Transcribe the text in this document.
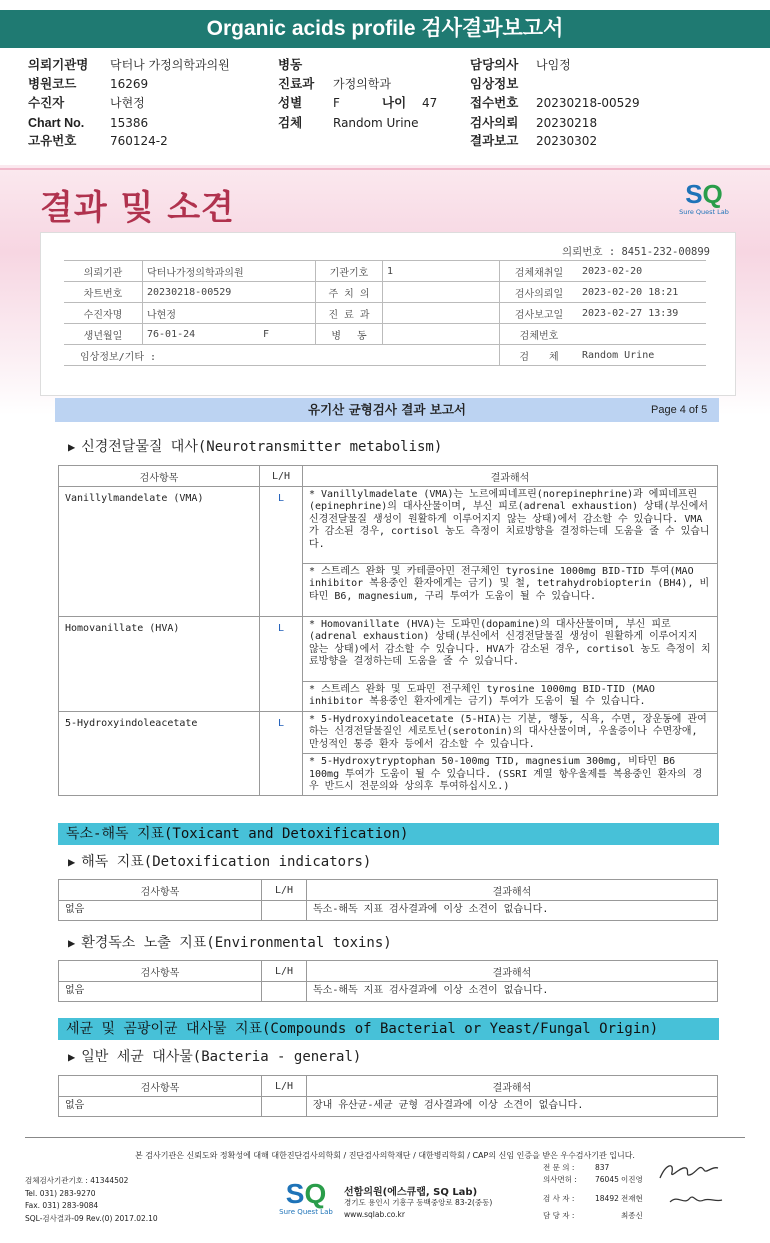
Organic acids profile 검사결과보고서
의뢰기관명 닥터나 가정의학과의원
병원코드	16269
수진자	나현정
Chart No. 15386
고유번호	760124-2
병동
진료과 가정의학과
성별	F	나이 47
검체	Random Urine
담당의사 나임정
임상정보
접수번호 20230218-00529
검사의뢰 20230218
결과보고 20230302
결과 및 소견	SQ
Sure Quest Lab
의뢰번호 : 8451-232-00899
의뢰기관	닥터나가정의학과의원		기관기호	1	검체채취일	2023-02-20
차트번호	20230218-00529		주 치 의		검사의뢰일	2023-02-20 18:21
수진자명	나현정		진 료 과		검사보고일	2023-02-27 13:39
생년월일	76-01-24	F	병　 동		검체번호	
임상정보/기타 :					검　　체	Random Urine
유기산 균형검사 결과 보고서	Page 4 of 5
▶ 신경전달물질 대사(Neurotransmitter metabolism)
검사항목	L/H	결과해석
Vanillylmandelate (VMA)	L	* Vanillylmadelate (VMA)는 노르에피네프린(norepinephrine)과 에피네프린(epinephrine)의 대사산물이며, 부신 피로(adrenal exhaustion) 상태(부신에서 신경전달물질 생성이 원활하게 이루어지지 않는 상태)에서 감소할 수 있습니다. VMA가 감소된 경우, cortisol 농도 측정이 치료방향을 결정하는데 도움을 줄 수 있습니다.
		* 스트레스 완화 및 카테콜아민 전구체인 tyrosine 1000mg BID-TID 투여(MAO inhibitor 복용중인 환자에게는 금기) 및 철, tetrahydrobiopterin (BH4), 비타민 B6, magnesium, 구리 투여가 도움이 될 수 있습니다.
Homovanillate (HVA)	L	* Homovanillate (HVA)는 도파민(dopamine)의 대사산물이며, 부신 피로(adrenal exhaustion) 상태(부신에서 신경전달물질 생성이 원활하게 이루어지지 않는 상태)에서 감소할 수 있습니다. HVA가 감소된 경우, cortisol 농도 측정이 치료방향을 결정하는데 도움을 줄 수 있습니다.
		* 스트레스 완화 및 도파민 전구체인 tyrosine 1000mg BID-TID (MAO inhibitor 복용중인 환자에게는 금기) 투여가 도움이 될 수 있습니다.
5-Hydroxyindoleacetate	L	* 5-Hydroxyindoleacetate (5-HIA)는 기분, 행동, 식욕, 수면, 장운동에 관여하는 신경전달물질인 세로토닌(serotonin)의 대사산물이며, 우울증이나 수면장애, 만성적인 통증 환자 등에서 감소할 수 있습니다.
		* 5-Hydroxytryptophan 50-100mg TID, magnesium 300mg, 비타민 B6 100mg 투여가 도움이 될 수 있습니다. (SSRI 계열 항우울제를 복용중인 환자의 경우 반드시 전문의와 상의후 투여하십시오.)
독소-해독 지표(Toxicant and Detoxification)
▶ 해독 지표(Detoxification indicators)
검사항목	L/H	결과해석
없음		독소-해독 지표 검사결과에 이상 소견이 없습니다.
▶ 환경독소 노출 지표(Environmental toxins)
검사항목	L/H	결과해석
없음		독소-해독 지표 검사결과에 이상 소견이 없습니다.
세균 및 곰팡이균 대사물 지표(Compounds of Bacterial or Yeast/Fungal Origin)
▶ 일반 세균 대사물(Bacteria - general)
검사항목	L/H	결과해석
없음		장내 유산균-세균 균형 검사결과에 이상 소견이 없습니다.
본 검사기관은 신뢰도와 정확성에 대해 대한진단검사의학회 / 진단검사의학재단 / 대한병리학회 / CAP의 신임 인증을 받은 우수검사기관 입니다.
검체검사기관기호 : 41344502
Tel. 031) 283-9270
Fax. 031) 283-9084
SQL-검사결과-09 Rev.(0) 2017.02.10
SQ
Sure Quest Lab
선함의원(에스큐랩, SQ Lab)
경기도 용인시 기흥구 동백중앙로 83-2(중동)
www.sqlab.co.kr
전 문 의 :	837
의사면허 : 76045 이진영
검 사 자 :	18492 전재현
담 당 자 :	최종신
